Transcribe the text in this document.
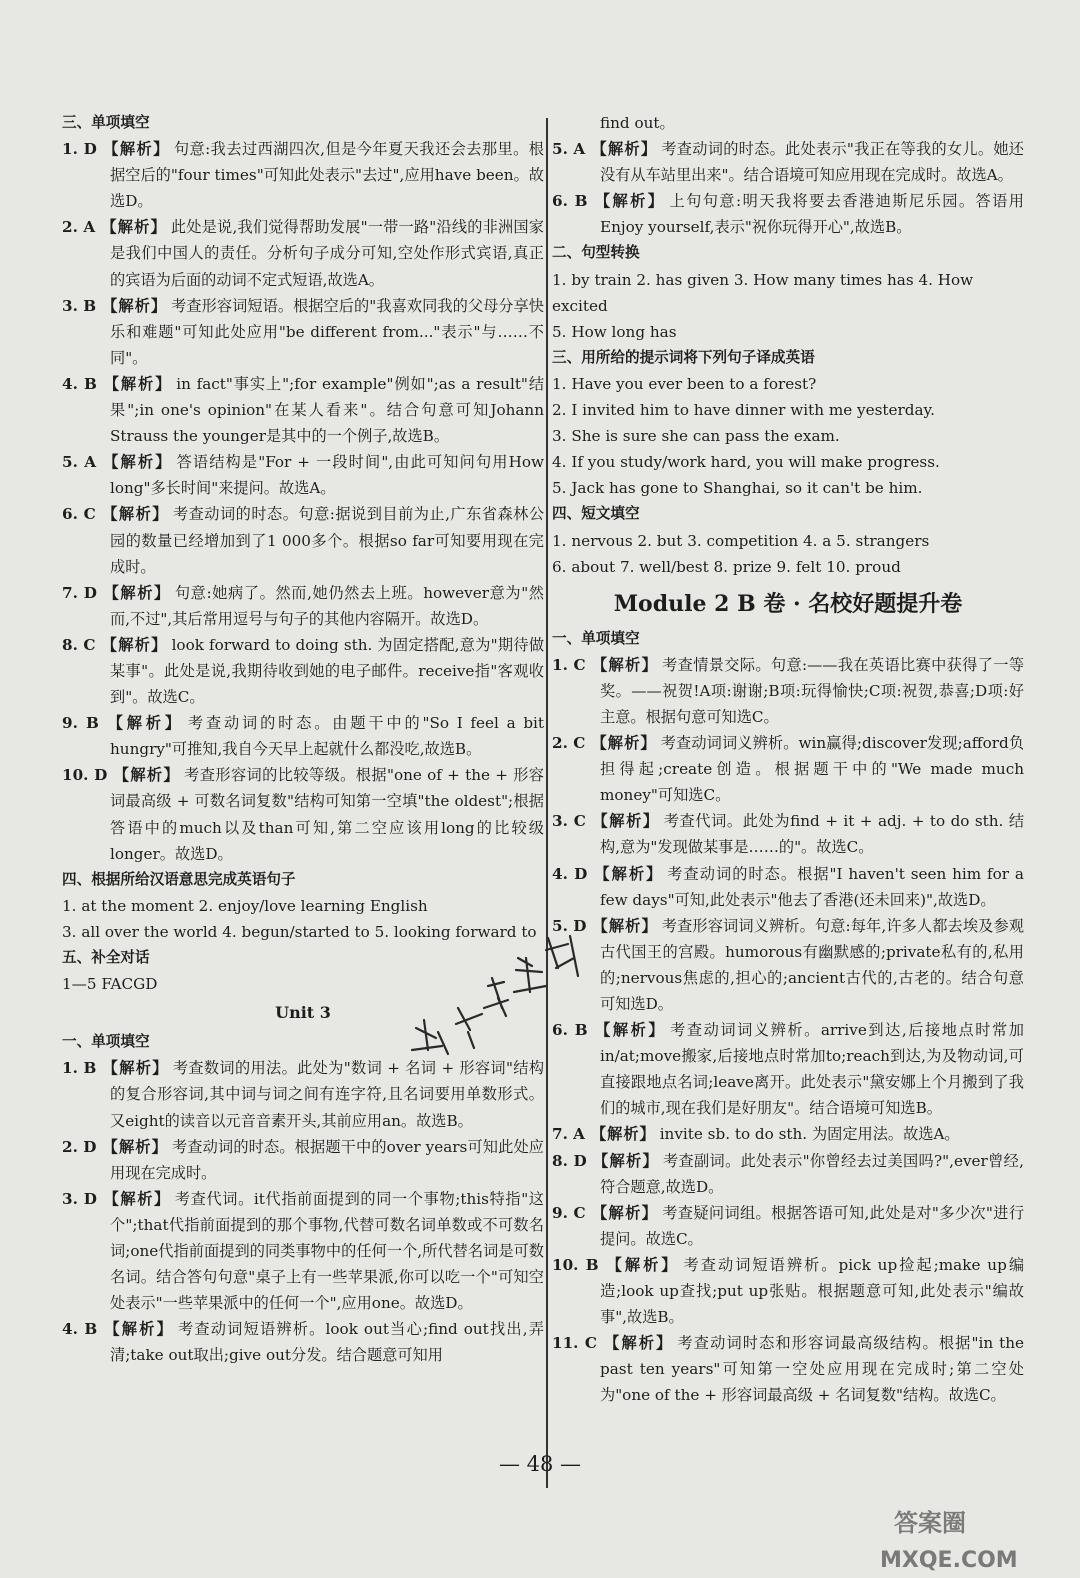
三、单项填空
1. D 【解析】 句意:我去过西湖四次,但是今年夏天我还会去那里。根据空后的"four times"可知此处表示"去过",应用have been。故选D。
2. A 【解析】 此处是说,我们觉得帮助发展"一带一路"沿线的非洲国家是我们中国人的责任。分析句子成分可知,空处作形式宾语,真正的宾语为后面的动词不定式短语,故选A。
3. B 【解析】 考查形容词短语。根据空后的"我喜欢同我的父母分享快乐和难题"可知此处应用"be different from..."表示"与……不同"。
4. B 【解析】 in fact"事实上";for example"例如";as a result"结果";in one's opinion"在某人看来"。结合句意可知Johann Strauss the younger是其中的一个例子,故选B。
5. A 【解析】 答语结构是"For + 一段时间",由此可知问句用How long"多长时间"来提问。故选A。
6. C 【解析】 考查动词的时态。句意:据说到目前为止,广东省森林公园的数量已经增加到了1 000多个。根据so far可知要用现在完成时。
7. D 【解析】 句意:她病了。然而,她仍然去上班。however意为"然而,不过",其后常用逗号与句子的其他内容隔开。故选D。
8. C 【解析】 look forward to doing sth. 为固定搭配,意为"期待做某事"。此处是说,我期待收到她的电子邮件。receive指"客观收到"。故选C。
9. B 【解析】 考查动词的时态。由题干中的"So I feel a bit hungry"可推知,我自今天早上起就什么都没吃,故选B。
10. D 【解析】 考查形容词的比较等级。根据"one of + the + 形容词最高级 + 可数名词复数"结构可知第一空填"the oldest";根据答语中的much以及than可知,第二空应该用long的比较级longer。故选D。
四、根据所给汉语意思完成英语句子
1. at the moment 2. enjoy/love learning English
3. all over the world 4. begun/started to 5. looking forward to
五、补全对话
1—5 FACGD
Unit 3
一、单项填空
1. B 【解析】 考查数词的用法。此处为"数词 + 名词 + 形容词"结构的复合形容词,其中词与词之间有连字符,且名词要用单数形式。又eight的读音以元音音素开头,其前应用an。故选B。
2. D 【解析】 考查动词的时态。根据题干中的over years可知此处应用现在完成时。
3. D 【解析】 考查代词。it代指前面提到的同一个事物;this特指"这个";that代指前面提到的那个事物,代替可数名词单数或不可数名词;one代指前面提到的同类事物中的任何一个,所代替名词是可数名词。结合答句句意"桌子上有一些苹果派,你可以吃一个"可知空处表示"一些苹果派中的任何一个",应用one。故选D。
4. B 【解析】 考查动词短语辨析。look out当心;find out找出,弄清;take out取出;give out分发。结合题意可知用
find out。
5. A 【解析】 考查动词的时态。此处表示"我正在等我的女儿。她还没有从车站里出来"。结合语境可知应用现在完成时。故选A。
6. B 【解析】 上句句意:明天我将要去香港迪斯尼乐园。答语用Enjoy yourself,表示"祝你玩得开心",故选B。
二、句型转换
1. by train 2. has given 3. How many times has 4. How excited
5. How long has
三、用所给的提示词将下列句子译成英语
1. Have you ever been to a forest?
2. I invited him to have dinner with me yesterday.
3. She is sure she can pass the exam.
4. If you study/work hard, you will make progress.
5. Jack has gone to Shanghai, so it can't be him.
四、短文填空
1. nervous 2. but 3. competition 4. a 5. strangers
6. about 7. well/best 8. prize 9. felt 10. proud
Module 2 B 卷 · 名校好题提升卷
一、单项填空
1. C 【解析】 考查情景交际。句意:——我在英语比赛中获得了一等奖。——祝贺!A项:谢谢;B项:玩得愉快;C项:祝贺,恭喜;D项:好主意。根据句意可知选C。
2. C 【解析】 考查动词词义辨析。win赢得;discover发现;afford负担得起;create创造。根据题干中的"We made much money"可知选C。
3. C 【解析】 考查代词。此处为find + it + adj. + to do sth. 结构,意为"发现做某事是……的"。故选C。
4. D 【解析】 考查动词的时态。根据"I haven't seen him for a few days"可知,此处表示"他去了香港(还未回来)",故选D。
5. D 【解析】 考查形容词词义辨析。句意:每年,许多人都去埃及参观古代国王的宫殿。humorous有幽默感的;private私有的,私用的;nervous焦虑的,担心的;ancient古代的,古老的。结合句意可知选D。
6. B 【解析】 考查动词词义辨析。arrive到达,后接地点时常加in/at;move搬家,后接地点时常加to;reach到达,为及物动词,可直接跟地点名词;leave离开。此处表示"黛安娜上个月搬到了我们的城市,现在我们是好朋友"。结合语境可知选B。
7. A 【解析】 invite sb. to do sth. 为固定用法。故选A。
8. D 【解析】 考查副词。此处表示"你曾经去过美国吗?",ever曾经,符合题意,故选D。
9. C 【解析】 考查疑问词组。根据答语可知,此处是对"多少次"进行提问。故选C。
10. B 【解析】 考查动词短语辨析。pick up捡起;make up编造;look up查找;put up张贴。根据题意可知,此处表示"编故事",故选B。
11. C 【解析】 考查动词时态和形容词最高级结构。根据"in the past ten years"可知第一空处应用现在完成时;第二空处为"one of the + 形容词最高级 + 名词复数"结构。故选C。
— 48 —
答案圈
MXQE.COM
